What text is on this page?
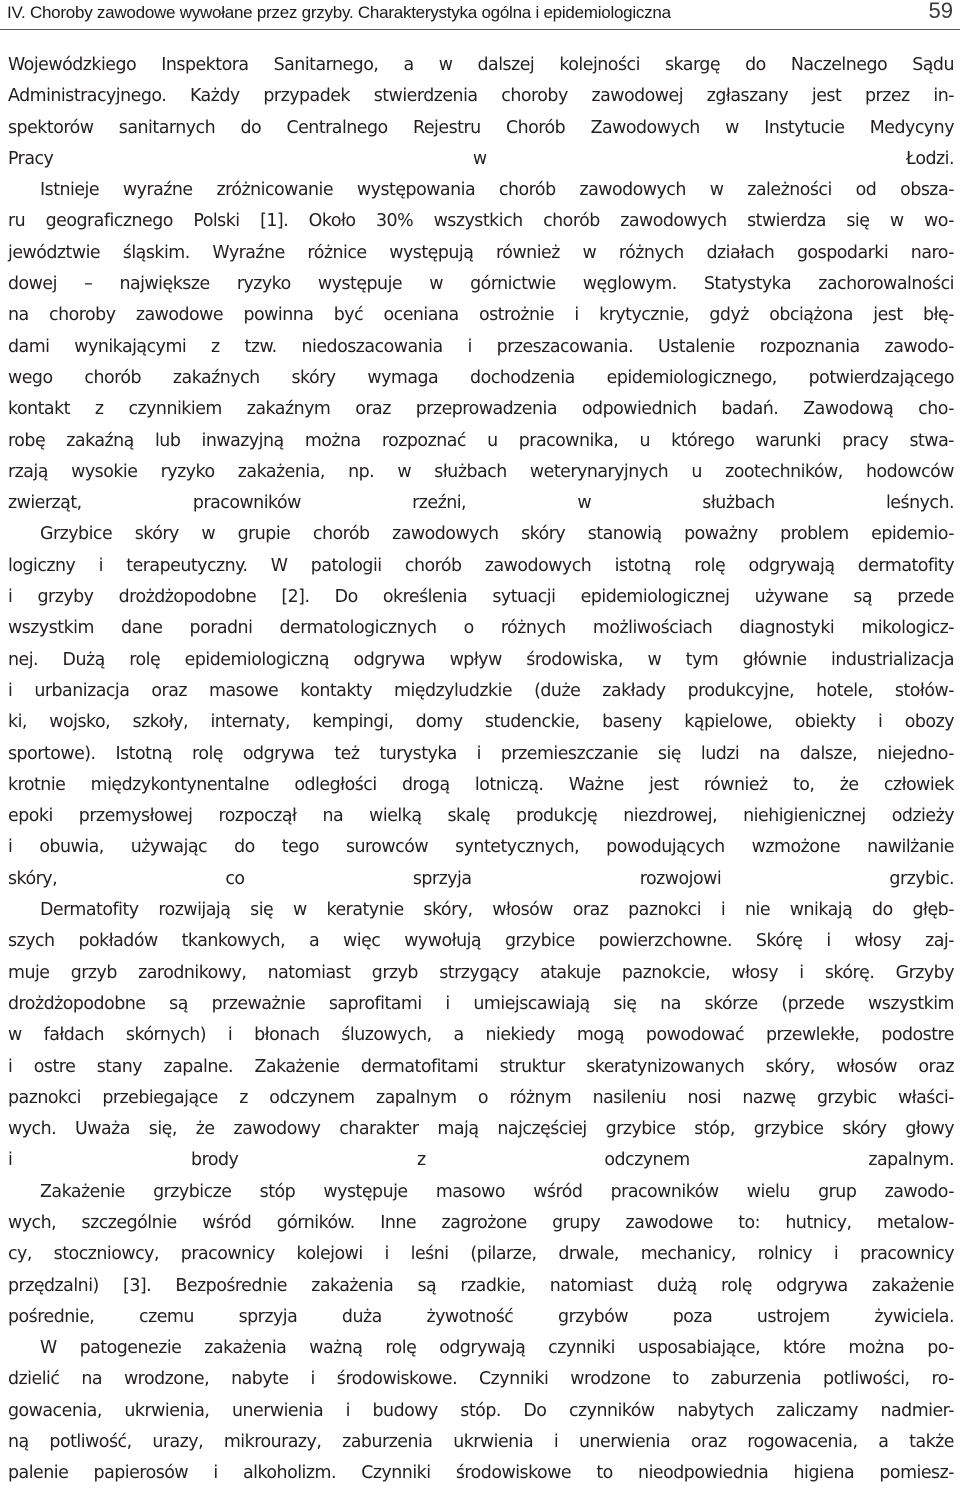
IV. Choroby zawodowe wywołane przez grzyby. Charakterystyka ogólna i epidemiologiczna	59

Wojewódzkiego Inspektora Sanitarnego, a w dalszej kolejności skargę do Naczelnego Sądu
Administracyjnego. Każdy przypadek stwierdzenia choroby zawodowej zgłaszany jest przez in-
spektorów sanitarnych do Centralnego Rejestru Chorób Zawodowych w Instytucie Medycyny
Pracy w Łodzi.

Istnieje wyraźne zróżnicowanie występowania chorób zawodowych w zależności od obsza-
ru geograficznego Polski [1]. Około 30% wszystkich chorób zawodowych stwierdza się w wo-
jewództwie śląskim. Wyraźne różnice występują również w różnych działach gospodarki naro-
dowej – największe ryzyko występuje w górnictwie węglowym. Statystyka zachorowalności
na choroby zawodowe powinna być oceniana ostrożnie i krytycznie, gdyż obciążona jest błę-
dami wynikającymi z tzw. niedoszacowania i przeszacowania. Ustalenie rozpoznania zawodo-
wego chorób zakaźnych skóry wymaga dochodzenia epidemiologicznego, potwierdzającego
kontakt z czynnikiem zakaźnym oraz przeprowadzenia odpowiednich badań. Zawodową cho-
robę zakaźną lub inwazyjną można rozpoznać u pracownika, u którego warunki pracy stwa-
rzają wysokie ryzyko zakażenia, np. w służbach weterynaryjnych u zootechników, hodowców
zwierząt, pracowników rzeźni, w służbach leśnych.

Grzybice skóry w grupie chorób zawodowych skóry stanowią poważny problem epidemio-
logiczny i terapeutyczny. W patologii chorób zawodowych istotną rolę odgrywają dermatofity
i grzyby drożdżopodobne [2]. Do określenia sytuacji epidemiologicznej używane są przede
wszystkim dane poradni dermatologicznych o różnych możliwościach diagnostyki mikologicz-
nej. Dużą rolę epidemiologiczną odgrywa wpływ środowiska, w tym głównie industrializacja
i urbanizacja oraz masowe kontakty międzyludzkie (duże zakłady produkcyjne, hotele, stołów-
ki, wojsko, szkoły, internaty, kempingi, domy studenckie, baseny kąpielowe, obiekty i obozy
sportowe). Istotną rolę odgrywa też turystyka i przemieszczanie się ludzi na dalsze, niejedno-
krotnie międzykontynentalne odległości drogą lotniczą. Ważne jest również to, że człowiek
epoki przemysłowej rozpoczął na wielką skalę produkcję niezdrowej, niehigienicznej odzieży
i obuwia, używając do tego surowców syntetycznych, powodujących wzmożone nawilżanie
skóry, co sprzyja rozwojowi grzybic.

Dermatofity rozwijają się w keratynie skóry, włosów oraz paznokci i nie wnikają do głęb-
szych pokładów tkankowych, a więc wywołują grzybice powierzchowne. Skórę i włosy zaj-
muje grzyb zarodnikowy, natomiast grzyb strzygący atakuje paznokcie, włosy i skórę. Grzyby
drożdżopodobne są przeważnie saprofitami i umiejscawiają się na skórze (przede wszystkim
w fałdach skórnych) i błonach śluzowych, a niekiedy mogą powodować przewlekłe, podostre
i ostre stany zapalne. Zakażenie dermatofitami struktur skeratynizowanych skóry, włosów oraz
paznokci przebiegające z odczynem zapalnym o różnym nasileniu nosi nazwę grzybic właści-
wych. Uważa się, że zawodowy charakter mają najczęściej grzybice stóp, grzybice skóry głowy
i brody z odczynem zapalnym.

Zakażenie grzybicze stóp występuje masowo wśród pracowników wielu grup zawodo-
wych, szczególnie wśród górników. Inne zagrożone grupy zawodowe to: hutnicy, metalow-
cy, stoczniowcy, pracownicy kolejowi i leśni (pilarze, drwale, mechanicy, rolnicy i pracownicy
przędzalni) [3]. Bezpośrednie zakażenia są rzadkie, natomiast dużą rolę odgrywa zakażenie
pośrednie, czemu sprzyja duża żywotność grzybów poza ustrojem żywiciela.

W patogenezie zakażenia ważną rolę odgrywają czynniki usposabiające, które można po-
dzielić na wrodzone, nabyte i środowiskowe. Czynniki wrodzone to zaburzenia potliwości, ro-
gowacenia, ukrwienia, unerwienia i budowy stóp. Do czynników nabytych zaliczamy nadmier-
ną potliwość, urazy, mikrourazy, zaburzenia ukrwienia i unerwienia oraz rogowacenia, a także
palenie papierosów i alkoholizm. Czynniki środowiskowe to nieodpowiednia higiena pomiesz-
